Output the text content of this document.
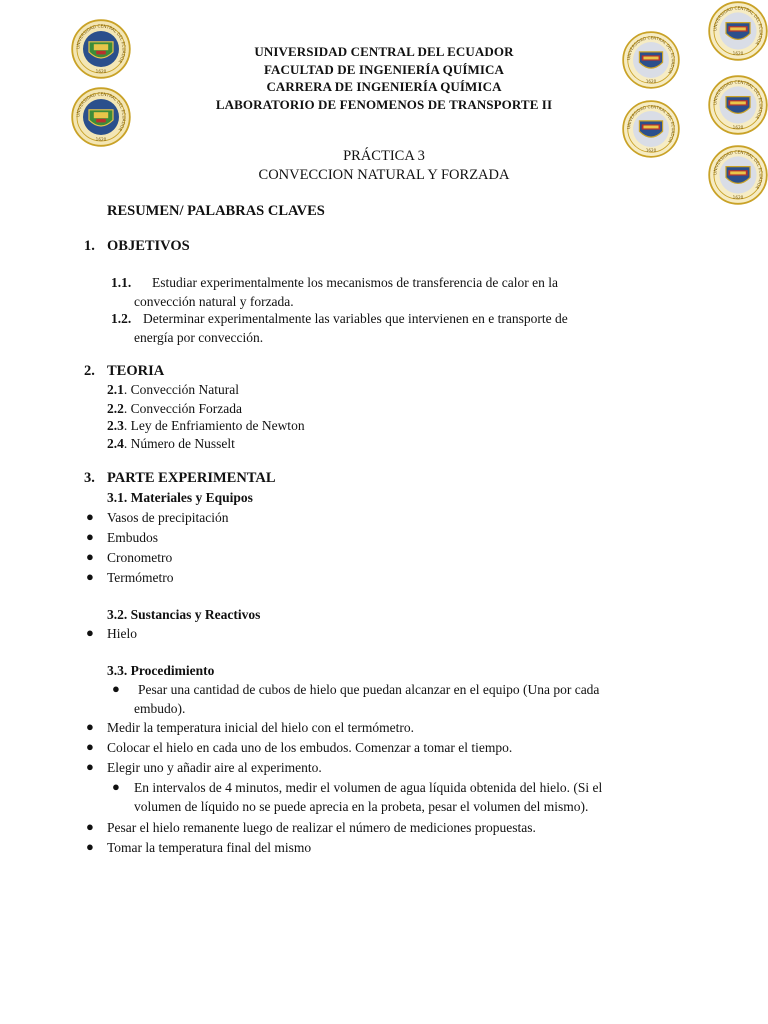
UNIVERSIDAD CENTRAL DEL ECUADOR
1620
UNIVERSIDAD CENTRAL DEL ECUADOR
1620
UNIVERSIDAD CENTRAL DEL ECUADOR
1620
UNIVERSIDAD CENTRAL DEL ECUADOR
1620
UNIVERSIDAD CENTRAL DEL ECUADOR
1620
UNIVERSIDAD CENTRAL DEL ECUADOR
1620
UNIVERSIDAD CENTRAL DEL ECUADOR
1620
UNIVERSIDAD CENTRAL DEL ECUADOR
FACULTAD DE INGENIERÍA QUÍMICA
CARRERA DE INGENIERÍA QUÍMICA
LABORATORIO DE FENOMENOS DE TRANSPORTE II
PRÁCTICA 3
CONVECCION NATURAL Y FORZADA
RESUMEN/ PALABRAS CLAVES
1. OBJETIVOS
1.1. Estudiar experimentalmente los mecanismos de transferencia de calor en la
convección natural y forzada.
1.2. Determinar experimentalmente las variables que intervienen en e transporte de
energía por convección.
2. TEORIA
2.1. Convección Natural
2.2. Convección Forzada
2.3. Ley de Enfriamiento de Newton
2.4. Número de Nusselt
3. PARTE EXPERIMENTAL
3.1. Materiales y Equipos
● Vasos de precipitación
● Embudos
● Cronometro
● Termómetro
3.2. Sustancias y Reactivos
● Hielo
3.3. Procedimiento
● Pesar una cantidad de cubos de hielo que puedan alcanzar en el equipo (Una por cada
embudo).
● Medir la temperatura inicial del hielo con el termómetro.
● Colocar el hielo en cada uno de los embudos. Comenzar a tomar el tiempo.
● Elegir uno y añadir aire al experimento.
● En intervalos de 4 minutos, medir el volumen de agua líquida obtenida del hielo. (Si el
volumen de líquido no se puede aprecia en la probeta, pesar el volumen del mismo).
● Pesar el hielo remanente luego de realizar el número de mediciones propuestas.
● Tomar la temperatura final del mismo
